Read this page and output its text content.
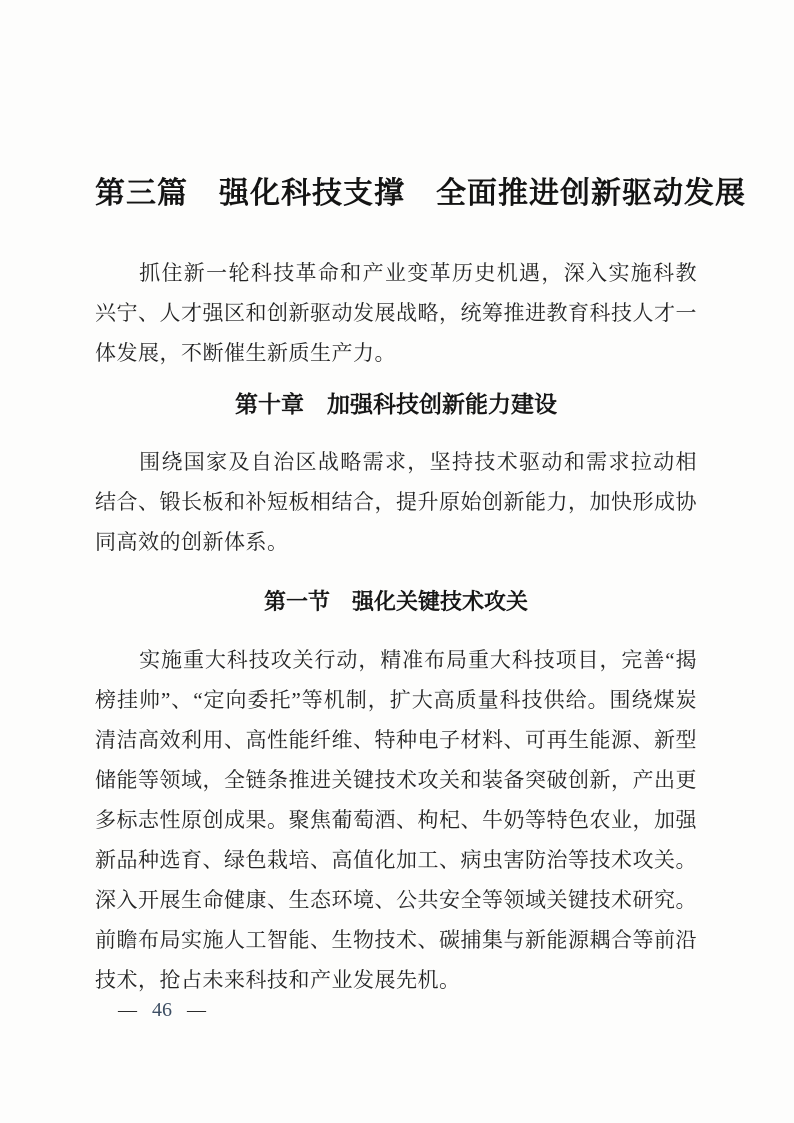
第三篇　强化科技支撑　全面推进创新驱动发展

抓住新一轮科技革命和产业变革历史机遇，深入实施科教兴宁、人才强区和创新驱动发展战略，统筹推进教育科技人才一体发展，不断催生新质生产力。

第十章　加强科技创新能力建设

围绕国家及自治区战略需求，坚持技术驱动和需求拉动相结合、锻长板和补短板相结合，提升原始创新能力，加快形成协同高效的创新体系。

第一节　强化关键技术攻关

实施重大科技攻关行动，精准布局重大科技项目，完善“揭榜挂帅”、“定向委托”等机制，扩大高质量科技供给。围绕煤炭清洁高效利用、高性能纤维、特种电子材料、可再生能源、新型储能等领域，全链条推进关键技术攻关和装备突破创新，产出更多标志性原创成果。聚焦葡萄酒、枸杞、牛奶等特色农业，加强新品种选育、绿色栽培、高值化加工、病虫害防治等技术攻关。深入开展生命健康、生态环境、公共安全等领域关键技术研究。前瞻布局实施人工智能、生物技术、碳捕集与新能源耦合等前沿技术，抢占未来科技和产业发展先机。

— 46 —
